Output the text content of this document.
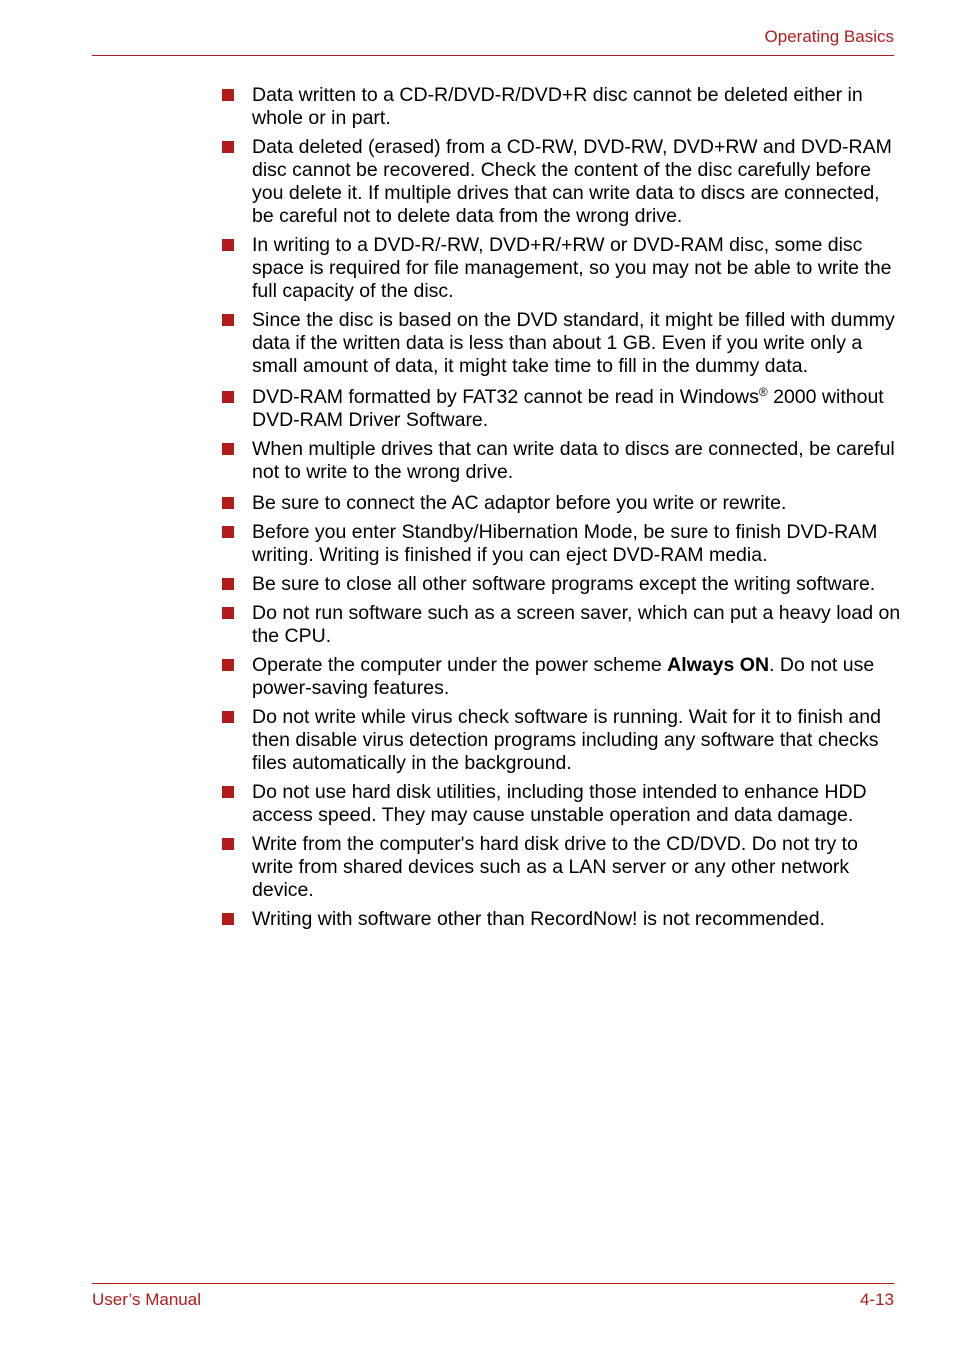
Operating Basics
Data written to a CD-R/DVD-R/DVD+R disc cannot be deleted either in whole or in part.
Data deleted (erased) from a CD-RW, DVD-RW, DVD+RW and DVD-RAM disc cannot be recovered. Check the content of the disc carefully before you delete it. If multiple drives that can write data to discs are connected, be careful not to delete data from the wrong drive.
In writing to a DVD-R/-RW, DVD+R/+RW or DVD-RAM disc, some disc space is required for file management, so you may not be able to write the full capacity of the disc.
Since the disc is based on the DVD standard, it might be filled with dummy data if the written data is less than about 1 GB. Even if you write only a small amount of data, it might take time to fill in the dummy data.
DVD-RAM formatted by FAT32 cannot be read in Windows® 2000 without DVD-RAM Driver Software.
When multiple drives that can write data to discs are connected, be careful not to write to the wrong drive.
Be sure to connect the AC adaptor before you write or rewrite.
Before you enter Standby/Hibernation Mode, be sure to finish DVD-RAM writing. Writing is finished if you can eject DVD-RAM media.
Be sure to close all other software programs except the writing software.
Do not run software such as a screen saver, which can put a heavy load on the CPU.
Operate the computer under the power scheme Always ON. Do not use power-saving features.
Do not write while virus check software is running. Wait for it to finish and then disable virus detection programs including any software that checks files automatically in the background.
Do not use hard disk utilities, including those intended to enhance HDD access speed. They may cause unstable operation and data damage.
Write from the computer's hard disk drive to the CD/DVD. Do not try to write from shared devices such as a LAN server or any other network device.
Writing with software other than RecordNow! is not recommended.
User’s Manual	4-13
